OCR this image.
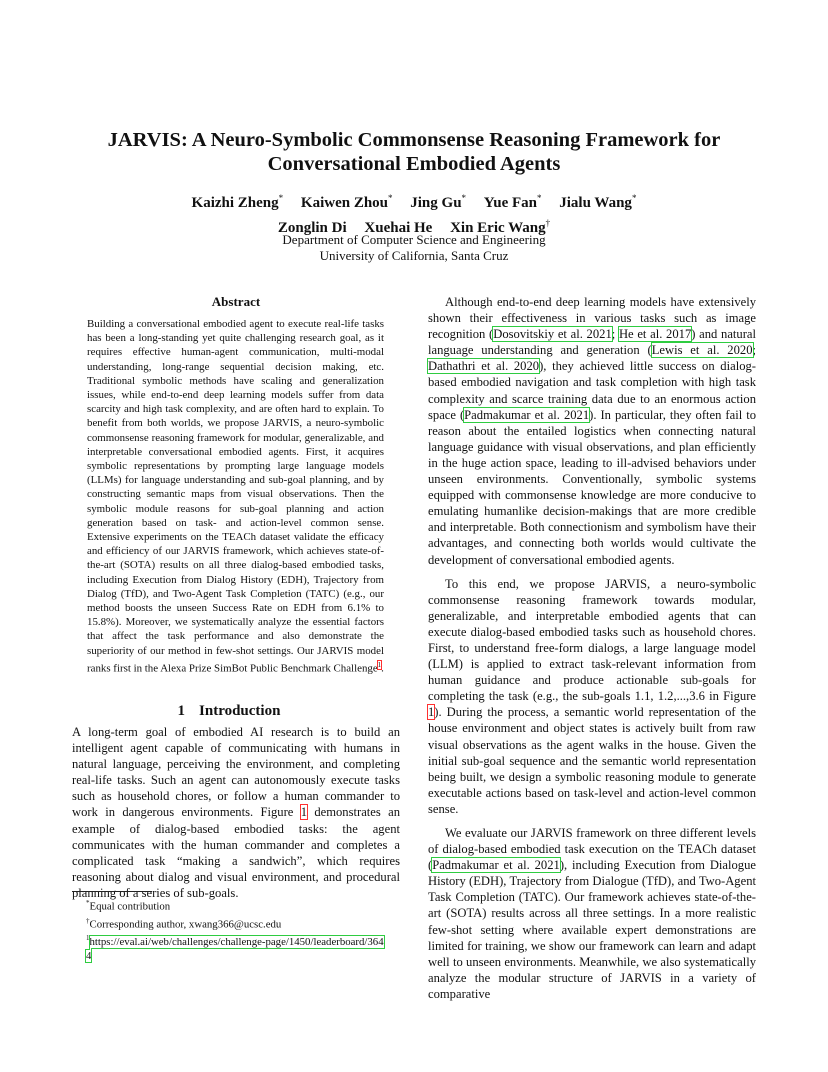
JARVIS: A Neuro-Symbolic Commonsense Reasoning Framework for Conversational Embodied Agents
Kaizhi Zheng* Kaiwen Zhou* Jing Gu* Yue Fan* Jialu Wang*
Zonglin Di Xuehai He Xin Eric Wang†
Department of Computer Science and Engineering
University of California, Santa Cruz
Abstract
Building a conversational embodied agent to execute real-life tasks has been a long-standing yet quite challenging research goal, as it requires effective human-agent communication, multi-modal understanding, long-range sequential decision making, etc. Traditional symbolic methods have scaling and generalization issues, while end-to-end deep learning models suffer from data scarcity and high task complexity, and are often hard to explain. To benefit from both worlds, we propose JARVIS, a neuro-symbolic commonsense reasoning framework for modular, generalizable, and interpretable conversational embodied agents. First, it acquires symbolic representations by prompting large language models (LLMs) for language understanding and sub-goal planning, and by constructing semantic maps from visual observations. Then the symbolic module reasons for sub-goal planning and action generation based on task- and action-level common sense. Extensive experiments on the TEACh dataset validate the efficacy and efficiency of our JARVIS framework, which achieves state-of-the-art (SOTA) results on all three dialog-based embodied tasks, including Execution from Dialog History (EDH), Trajectory from Dialog (TfD), and Two-Agent Task Completion (TATC) (e.g., our method boosts the unseen Success Rate on EDH from 6.1% to 15.8%). Moreover, we systematically analyze the essential factors that affect the task performance and also demonstrate the superiority of our method in few-shot settings. Our JARVIS model ranks first in the Alexa Prize SimBot Public Benchmark Challenge$^1$.
1 Introduction
A long-term goal of embodied AI research is to build an intelligent agent capable of communicating with humans in natural language, perceiving the environment, and completing real-life tasks. Such an agent can autonomously execute tasks such as household chores, or follow a human commander to work in dangerous environments. Figure 1 demonstrates an example of dialog-based embodied tasks: the agent communicates with the human commander and completes a complicated task “making a sandwich”, which requires reasoning about dialog and visual environment, and procedural planning of a series of sub-goals.
*Equal contribution
†Corresponding author, xwang366@ucsc.edu
$^1$https://eval.ai/web/challenges/challenge-page/1450/leaderboard/3644

Although end-to-end deep learning models have extensively shown their effectiveness in various tasks such as image recognition (Dosovitskiy et al. 2021; He et al. 2017) and natural language understanding and generation (Lewis et al. 2020; Dathathri et al. 2020), they achieved little success on dialog-based embodied navigation and task completion with high task complexity and scarce training data due to an enormous action space (Padmakumar et al. 2021). In particular, they often fail to reason about the entailed logistics when connecting natural language guidance with visual observations, and plan efficiently in the huge action space, leading to ill-advised behaviors under unseen environments. Conventionally, symbolic systems equipped with commonsense knowledge are more conducive to emulating humanlike decision-makings that are more credible and interpretable. Both connectionism and symbolism have their advantages, and connecting both worlds would cultivate the development of conversational embodied agents.

To this end, we propose JARVIS, a neuro-symbolic commonsense reasoning framework towards modular, generalizable, and interpretable embodied agents that can execute dialog-based embodied tasks such as household chores. First, to understand free-form dialogs, a large language model (LLM) is applied to extract task-relevant information from human guidance and produce actionable sub-goals for completing the task (e.g., the sub-goals 1.1, 1.2,...,3.6 in Figure 1). During the process, a semantic world representation of the house environment and object states is actively built from raw visual observations as the agent walks in the house. Given the initial sub-goal sequence and the semantic world representation being built, we design a symbolic reasoning module to generate executable actions based on task-level and action-level common sense.

We evaluate our JARVIS framework on three different levels of dialog-based embodied task execution on the TEACh dataset (Padmakumar et al. 2021), including Execution from Dialogue History (EDH), Trajectory from Dialogue (TfD), and Two-Agent Task Completion (TATC). Our framework achieves state-of-the-art (SOTA) results across all three settings. In a more realistic few-shot setting where available expert demonstrations are limited for training, we show our framework can learn and adapt well to unseen environments. Meanwhile, we also systematically analyze the modular structure of JARVIS in a variety of comparative
